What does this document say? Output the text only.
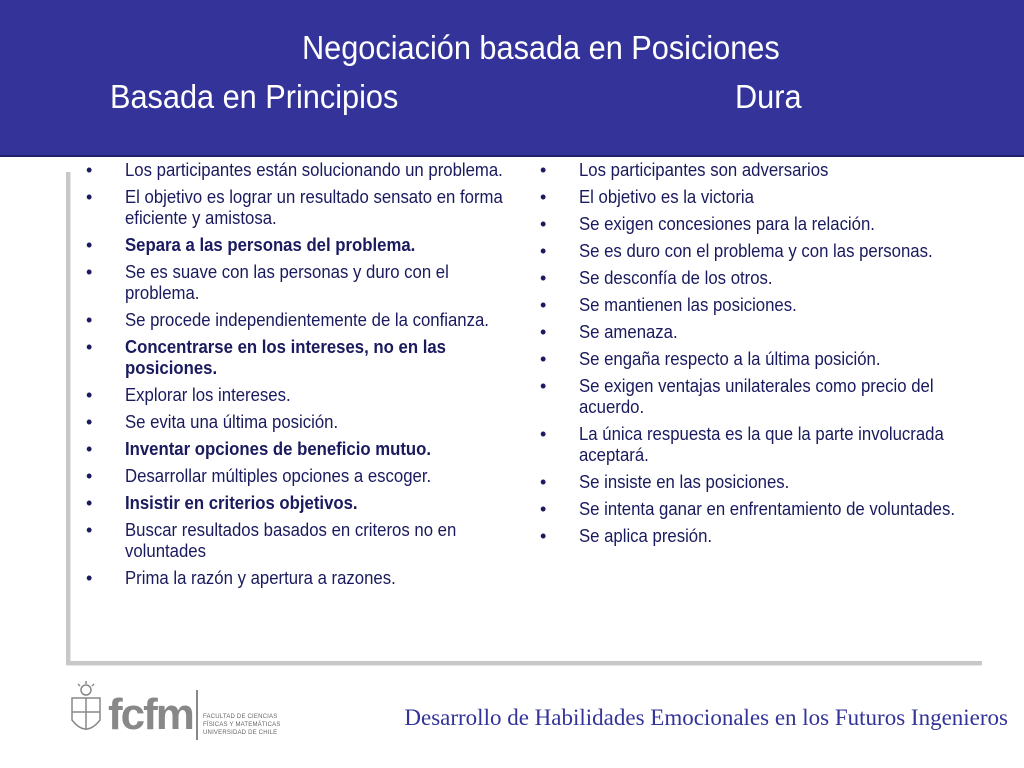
Negociación basada en Posiciones
Basada en Principios	Dura
•	Los participantes están solucionando un problema.
•	El objetivo es lograr un resultado sensato en forma eficiente y amistosa.
•	Separa a las personas del problema.
•	Se es suave con las personas y duro con el problema.
•	Se procede independientemente de la confianza.
•	Concentrarse en los intereses, no en las posiciones.
•	Explorar los intereses.
•	Se evita una última posición.
•	Inventar opciones de beneficio mutuo.
•	Desarrollar múltiples opciones a escoger.
•	Insistir en criterios objetivos.
•	Buscar resultados basados en criteros no en voluntades
•	Prima la razón y apertura a razones.
•	Los participantes son adversarios
•	El objetivo es la victoria
•	Se exigen concesiones para la relación.
•	Se es duro con el problema y con las personas.
•	Se desconfía de los otros.
•	Se mantienen las posiciones.
•	Se amenaza.
•	Se engaña respecto a la última posición.
•	Se exigen ventajas unilaterales como precio del acuerdo.
•	La única respuesta es la que la parte involucrada aceptará.
•	Se insiste en las posiciones.
•	Se intenta ganar en enfrentamiento de voluntades.
•	Se aplica presión.
fcfm FACULTAD DE CIENCIAS
FÍSICAS Y MATEMÁTICAS
UNIVERSIDAD DE CHILE
Desarrollo de Habilidades Emocionales en los Futuros Ingenieros
